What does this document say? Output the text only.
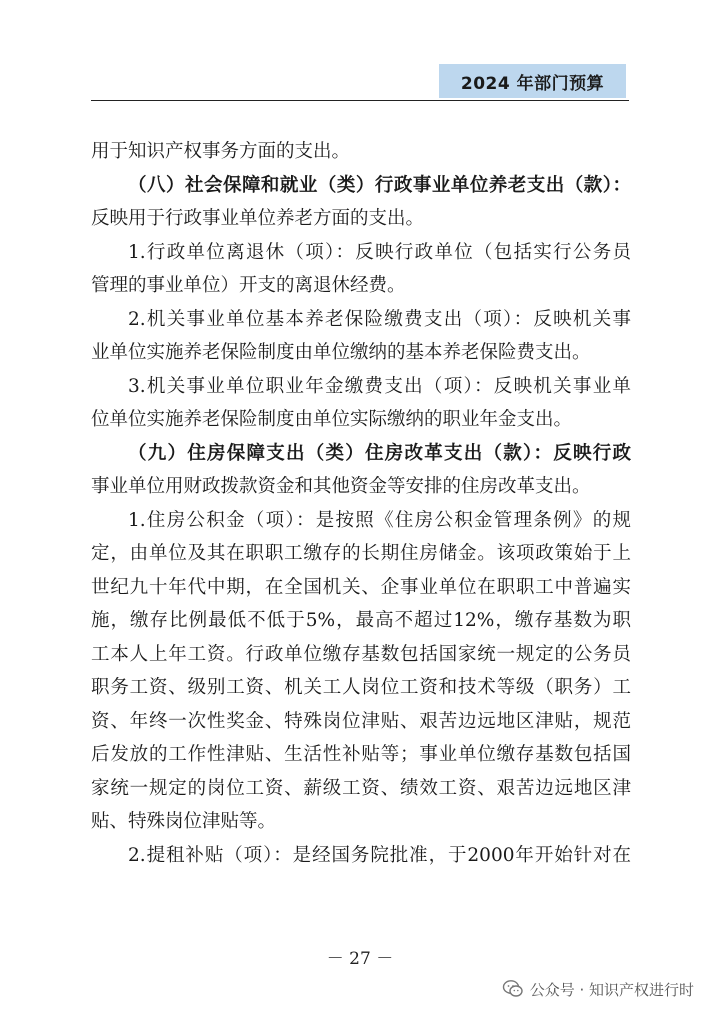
2024 年部门预算
用于知识产权事务方面的支出。
（八）社会保障和就业（类）行政事业单位养老支出（款）：
反映用于行政事业单位养老方面的支出。
1.行政单位离退休（项）：反映行政单位（包括实行公务员
管理的事业单位）开支的离退休经费。
2.机关事业单位基本养老保险缴费支出（项）：反映机关事
业单位实施养老保险制度由单位缴纳的基本养老保险费支出。
3.机关事业单位职业年金缴费支出（项）：反映机关事业单
位单位实施养老保险制度由单位实际缴纳的职业年金支出。
（九）住房保障支出（类）住房改革支出（款）：反映行政
事业单位用财政拨款资金和其他资金等安排的住房改革支出。
1.住房公积金（项）：是按照《住房公积金管理条例》的规
定，由单位及其在职职工缴存的长期住房储金。该项政策始于上
世纪九十年代中期，在全国机关、企事业单位在职职工中普遍实
施，缴存比例最低不低于5%，最高不超过12%，缴存基数为职
工本人上年工资。行政单位缴存基数包括国家统一规定的公务员
职务工资、级别工资、机关工人岗位工资和技术等级（职务）工
资、年终一次性奖金、特殊岗位津贴、艰苦边远地区津贴，规范
后发放的工作性津贴、生活性补贴等；事业单位缴存基数包括国
家统一规定的岗位工资、薪级工资、绩效工资、艰苦边远地区津
贴、特殊岗位津贴等。
2.提租补贴（项）：是经国务院批准，于2000年开始针对在
－ 27 －
公众号 · 知识产权进行时
